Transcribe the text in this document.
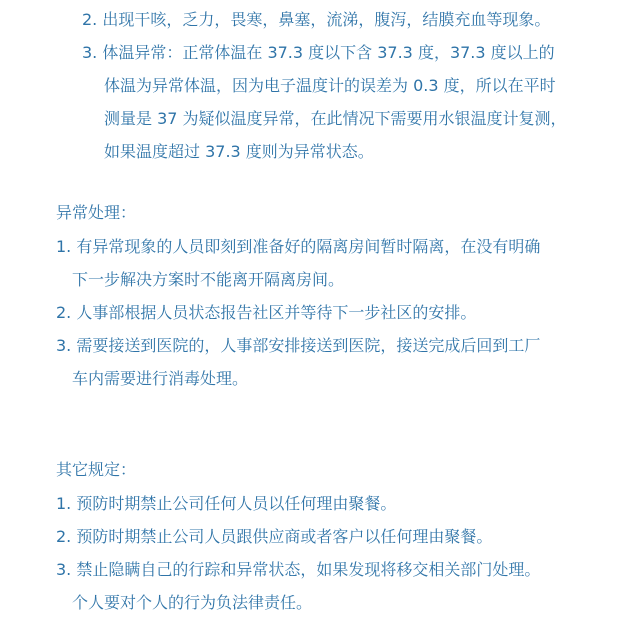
2. 出现干咳，乏力，畏寒，鼻塞，流涕，腹泻，结膜充血等现象。
3. 体温异常：正常体温在 37.3 度以下含 37.3 度，37.3 度以上的
体温为异常体温，因为电子温度计的误差为 0.3 度，所以在平时
测量是 37 为疑似温度异常，在此情况下需要用水银温度计复测，
如果温度超过 37.3 度则为异常状态。
异常处理：
1. 有异常现象的人员即刻到准备好的隔离房间暂时隔离，在没有明确
下一步解决方案时不能离开隔离房间。
2. 人事部根据人员状态报告社区并等待下一步社区的安排。
3. 需要接送到医院的，人事部安排接送到医院，接送完成后回到工厂
车内需要进行消毒处理。
其它规定：
1. 预防时期禁止公司任何人员以任何理由聚餐。
2. 预防时期禁止公司人员跟供应商或者客户以任何理由聚餐。
3. 禁止隐瞒自己的行踪和异常状态，如果发现将移交相关部门处理。
个人要对个人的行为负法律责任。
